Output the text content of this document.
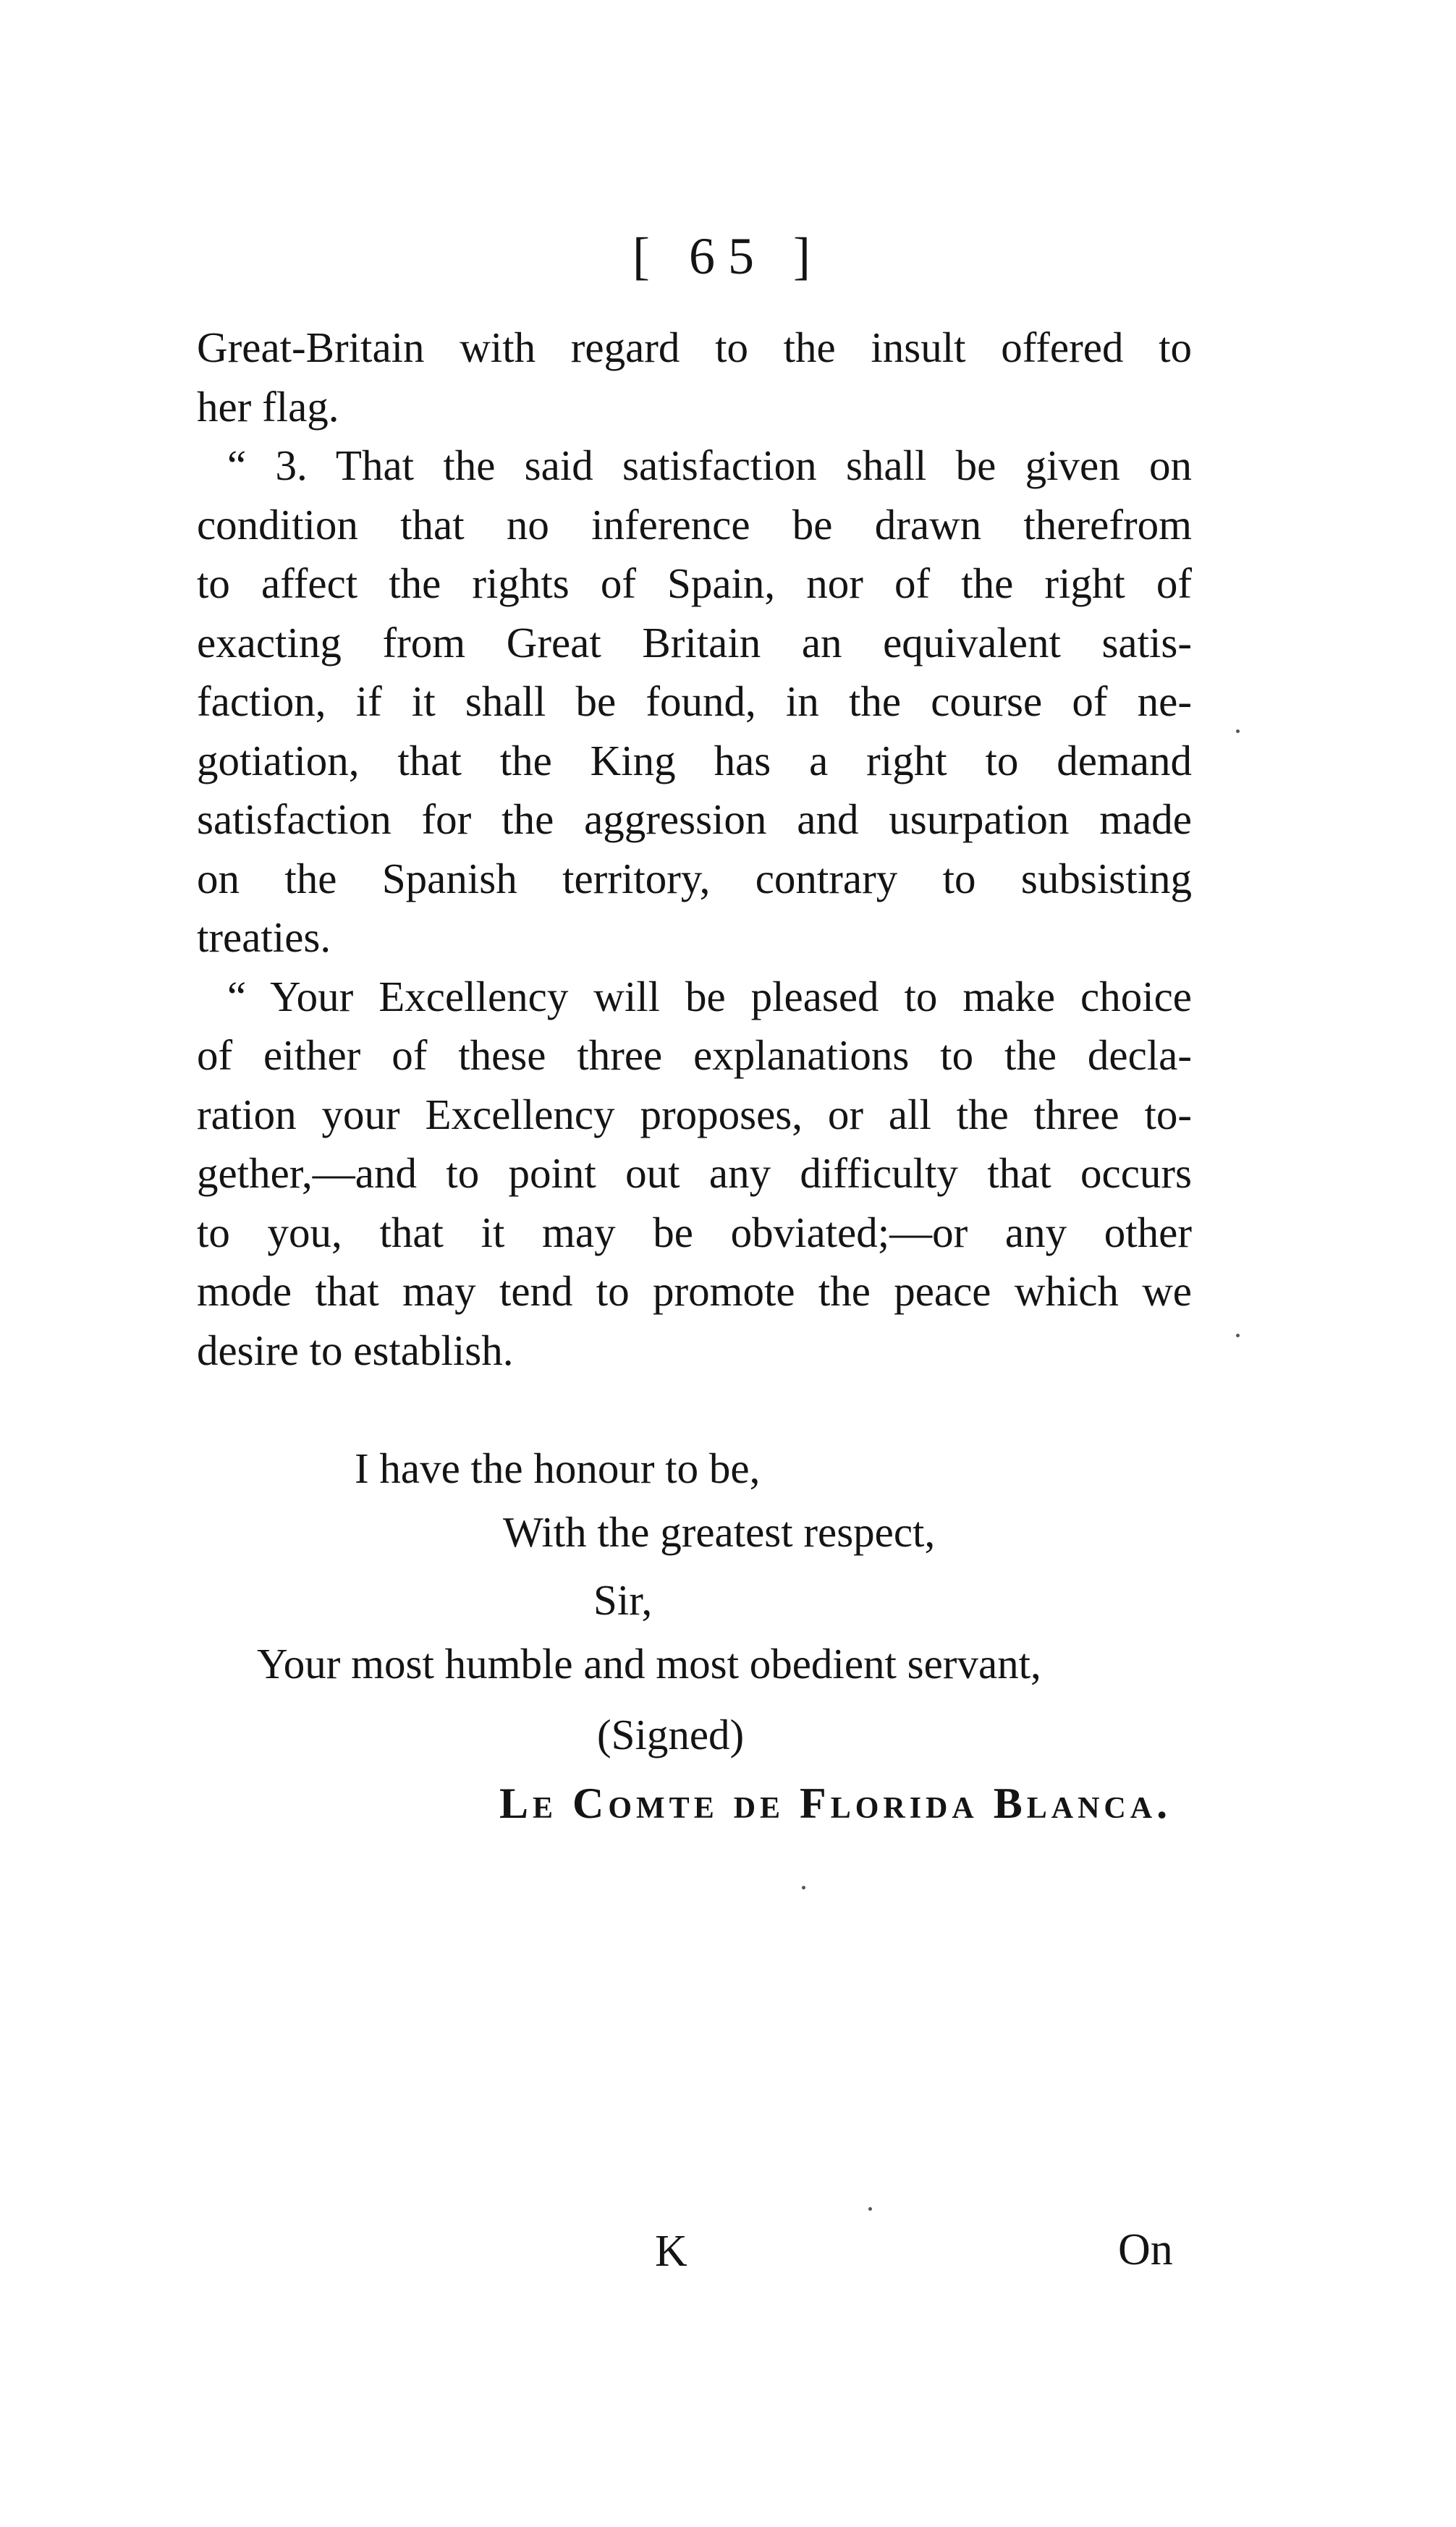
[ 65 ]
Great-Britain with regard to the insult offered to
her flag.
“ 3. That the said satisfaction shall be given on
condition that no inference be drawn therefrom
to affect the rights of Spain, nor of the right of
exacting from Great Britain an equivalent satis-
faction, if it shall be found, in the course of ne-
gotiation, that the King has a right to demand
satisfaction for the aggression and usurpation made
on the Spanish territory, contrary to subsisting
treaties.
“ Your Excellency will be pleased to make choice
of either of these three explanations to the decla-
ration your Excellency proposes, or all the three to-
gether,—and to point out any difficulty that occurs
to you, that it may be obviated;—or any other
mode that may tend to promote the peace which we
desire to establish.
I have the honour to be,
With the greatest respect,
Sir,
Your most humble and most obedient servant,
(Signed)
Le Comte de Florida Blanca.
K	On
